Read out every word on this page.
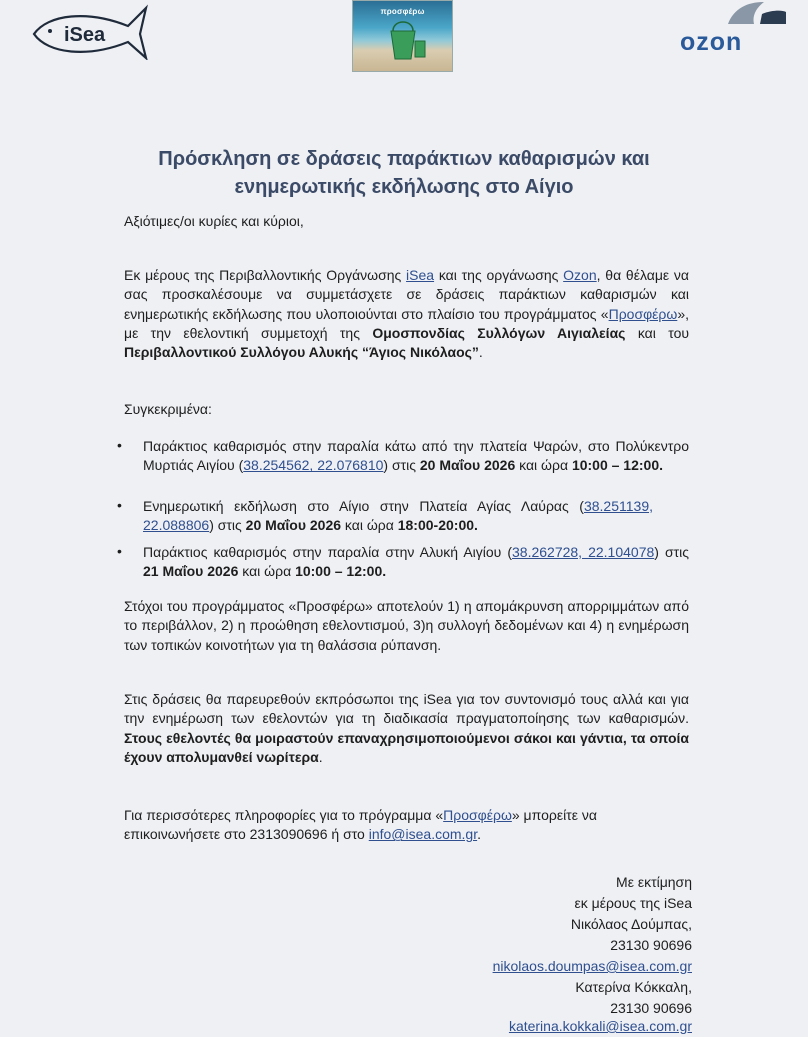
iSea
προσφέρω
ozon
Πρόσκληση σε δράσεις παράκτιων καθαρισμών και
ενημερωτικής εκδήλωσης στο Αίγιο
Αξιότιμες/οι κυρίες και κύριοι,
Εκ μέρους της Περιβαλλοντικής Οργάνωσης iSea και της οργάνωσης Ozon, θα θέλαμε να σας προσκαλέσουμε να συμμετάσχετε σε δράσεις παράκτιων καθαρισμών και ενημερωτικής εκδήλωσης που υλοποιούνται στο πλαίσιο του προγράμματος «Προσφέρω», με την εθελοντική συμμετοχή της Ομοσπονδίας Συλλόγων Αιγιαλείας και του Περιβαλλοντικού Συλλόγου Αλυκής “Άγιος Νικόλαος”.
Συγκεκριμένα:
• Παράκτιος καθαρισμός στην παραλία κάτω από την πλατεία Ψαρών, στο Πολύκεντρο Μυρτιάς Αιγίου (38.254562, 22.076810) στις 20 Μαΐου 2026 και ώρα 10:00 – 12:00.
• Ενημερωτική εκδήλωση στο Αίγιο στην Πλατεία Αγίας Λαύρας (38.251139, 22.088806) στις 20 Μαΐου 2026 και ώρα 18:00-20:00.
• Παράκτιος καθαρισμός στην παραλία στην Αλυκή Αιγίου (38.262728, 22.104078) στις 21 Μαΐου 2026 και ώρα 10:00 – 12:00.
Στόχοι του προγράμματος «Προσφέρω» αποτελούν 1) η απομάκρυνση απορριμμάτων από το περιβάλλον, 2) η προώθηση εθελοντισμού, 3)η συλλογή δεδομένων και 4) η ενημέρωση των τοπικών κοινοτήτων για τη θαλάσσια ρύπανση.
Στις δράσεις θα παρευρεθούν εκπρόσωποι της iSea για τον συντονισμό τους αλλά και για την ενημέρωση των εθελοντών για τη διαδικασία πραγματοποίησης των καθαρισμών. Στους εθελοντές θα μοιραστούν επαναχρησιμοποιούμενοι σάκοι και γάντια, τα οποία έχουν απολυμανθεί νωρίτερα.
Για περισσότερες πληροφορίες για το πρόγραμμα «Προσφέρω» μπορείτε να επικοινωνήσετε στο 2313090696 ή στο info@isea.com.gr.
Με εκτίμηση
εκ μέρους της iSea
Νικόλαος Δούμπας,
23130 90696
nikolaos.doumpas@isea.com.gr
Κατερίνα Κόκκαλη,
23130 90696
katerina.kokkali@isea.com.gr
